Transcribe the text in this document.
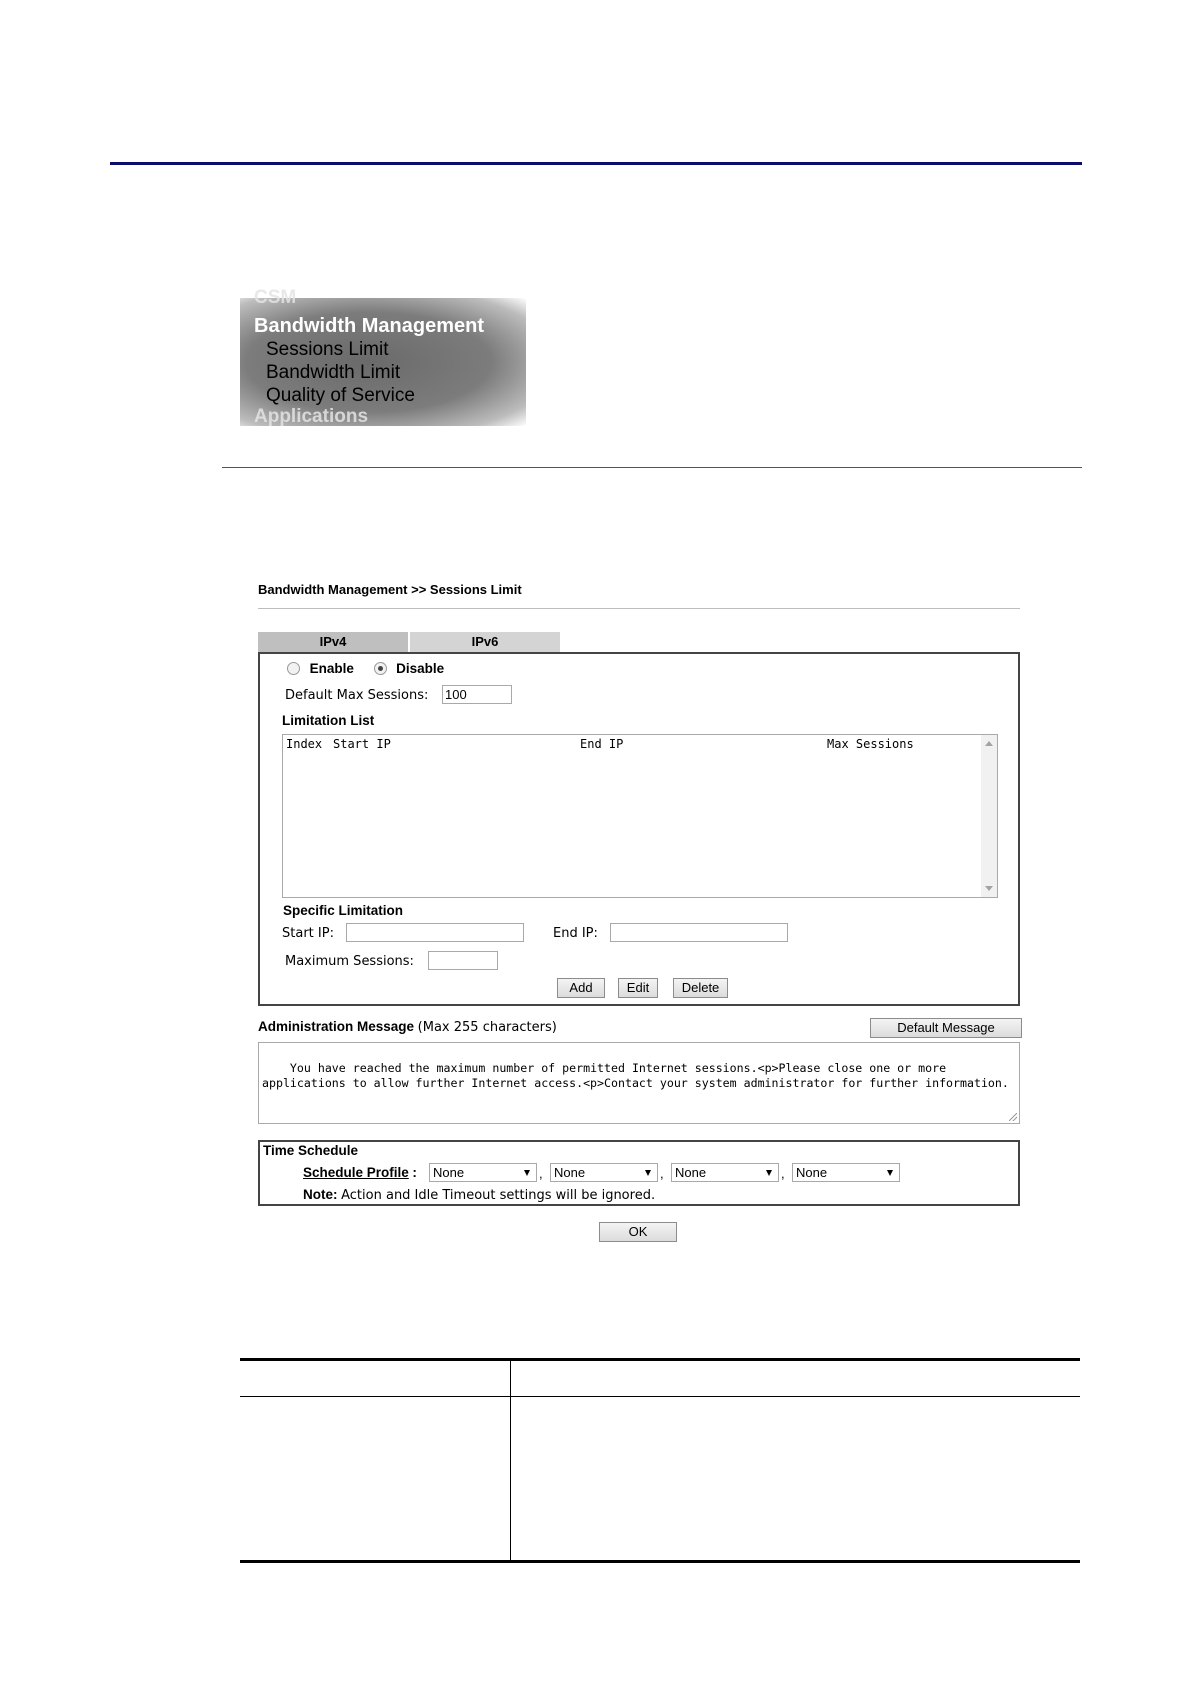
CSM
Bandwidth Management
Sessions Limit
Bandwidth Limit
Quality of Service
Applications
Bandwidth Management >> Sessions Limit
IPv4	IPv6
Enable	Disable
Default Max Sessions: 100
Limitation List
Index Start IP	End IP	Max Sessions
Specific Limitation
Start IP:	End IP:
Maximum Sessions:
Add	Edit	Delete
Administration Message (Max 255 characters)	Default Message

You have reached the maximum number of permitted Internet sessions.<p>Please close one or more applications to allow further Internet access.<p>Contact your system administrator for further information.

Time Schedule
Schedule Profile :	None	, None	, None	, None
Note: Action and Idle Timeout settings will be ignored.
OK
